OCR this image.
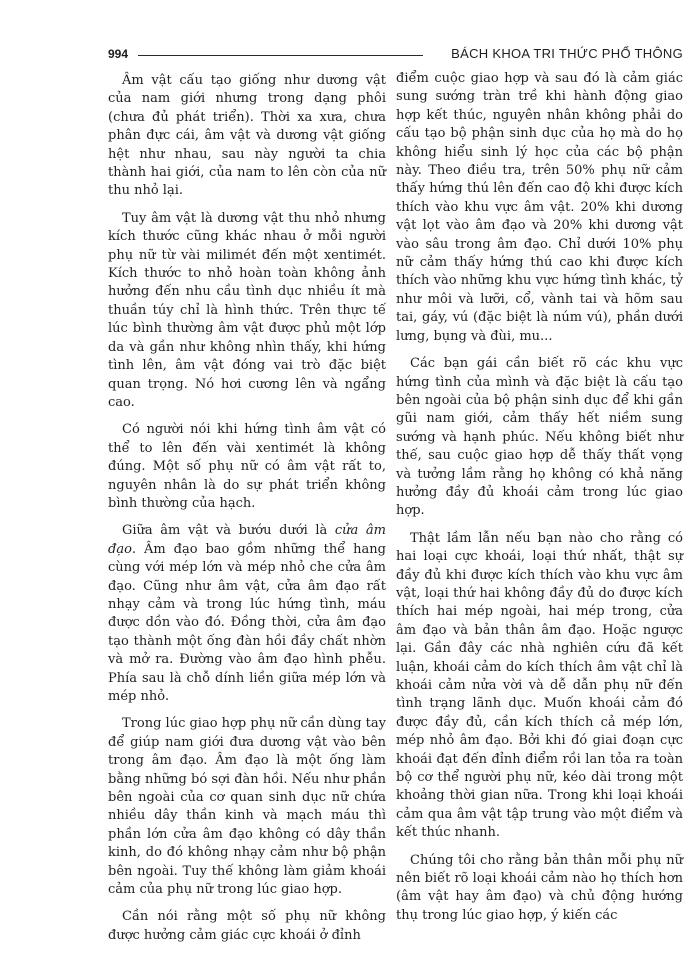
994	BÁCH KHOA TRI THỨC PHỔ THÔNG

Âm vật cấu tạo giống như dương vật của nam giới nhưng trong dạng phôi (chưa đủ phát triển). Thời xa xưa, chưa phân đực cái, âm vật và dương vật giống hệt như nhau, sau này người ta chia thành hai giới, của nam to lên còn của nữ thu nhỏ lại.

Tuy âm vật là dương vật thu nhỏ nhưng kích thước cũng khác nhau ở mỗi người phụ nữ từ vài milimét đến một xentimét. Kích thước to nhỏ hoàn toàn không ảnh hưởng đến nhu cầu tình dục nhiều ít mà thuần túy chỉ là hình thức. Trên thực tế lúc bình thường âm vật được phủ một lớp da và gần như không nhìn thấy, khi hứng tình lên, âm vật đóng vai trò đặc biệt quan trọng. Nó hơi cương lên và ngẩng cao.

Có người nói khi hứng tình âm vật có thể to lên đến vài xentimét là không đúng. Một số phụ nữ có âm vật rất to, nguyên nhân là do sự phát triển không bình thường của hạch.

Giữa âm vật và bướu dưới là cửa âm đạo. Âm đạo bao gồm những thể hang cùng với mép lớn và mép nhỏ che cửa âm đạo. Cũng như âm vật, cửa âm đạo rất nhạy cảm và trong lúc hứng tình, máu được dồn vào đó. Đồng thời, cửa âm đạo tạo thành một ống đàn hồi đầy chất nhờn và mở ra. Đường vào âm đạo hình phễu. Phía sau là chỗ dính liền giữa mép lớn và mép nhỏ.

Trong lúc giao hợp phụ nữ cần dùng tay để giúp nam giới đưa dương vật vào bên trong âm đạo. Âm đạo là một ống làm bằng những bó sợi đàn hồi. Nếu như phần bên ngoài của cơ quan sinh dục nữ chứa nhiều dây thần kinh và mạch máu thì phần lớn cửa âm đạo không có dây thần kinh, do đó không nhạy cảm như bộ phận bên ngoài. Tuy thế không làm giảm khoái cảm của phụ nữ trong lúc giao hợp.

Cần nói rằng một số phụ nữ không được hưởng cảm giác cực khoái ở đỉnh

điểm cuộc giao hợp và sau đó là cảm giác sung sướng tràn trề khi hành động giao hợp kết thúc, nguyên nhân không phải do cấu tạo bộ phận sinh dục của họ mà do họ không hiểu sinh lý học của các bộ phận này. Theo điều tra, trên 50% phụ nữ cảm thấy hứng thú lên đến cao độ khi được kích thích vào khu vực âm vật. 20% khi dương vật lọt vào âm đạo và 20% khi dương vật vào sâu trong âm đạo. Chỉ dưới 10% phụ nữ cảm thấy hứng thú cao khi được kích thích vào những khu vực hứng tình khác, tỷ như môi và lưỡi, cổ, vành tai và hõm sau tai, gáy, vú (đặc biệt là núm vú), phần dưới lưng, bụng và đùi, mu...

Các bạn gái cần biết rõ các khu vực hứng tình của mình và đặc biệt là cấu tạo bên ngoài của bộ phận sinh dục để khi gần gũi nam giới, cảm thấy hết niềm sung sướng và hạnh phúc. Nếu không biết như thế, sau cuộc giao hợp dễ thấy thất vọng và tưởng lầm rằng họ không có khả năng hưởng đầy đủ khoái cảm trong lúc giao hợp.

Thật lầm lẫn nếu bạn nào cho rằng có hai loại cực khoái, loại thứ nhất, thật sự đầy đủ khi được kích thích vào khu vực âm vật, loại thứ hai không đầy đủ do được kích thích hai mép ngoài, hai mép trong, cửa âm đạo và bản thân âm đạo. Hoặc ngược lại. Gần đây các nhà nghiên cứu đã kết luận, khoái cảm do kích thích âm vật chỉ là khoái cảm nửa vời và dễ dẫn phụ nữ đến tình trạng lãnh dục. Muốn khoái cảm đó được đầy đủ, cần kích thích cả mép lớn, mép nhỏ âm đạo. Bởi khi đó giai đoạn cực khoái đạt đến đỉnh điểm rồi lan tỏa ra toàn bộ cơ thể người phụ nữ, kéo dài trong một khoảng thời gian nữa. Trong khi loại khoái cảm qua âm vật tập trung vào một điểm và kết thúc nhanh.

Chúng tôi cho rằng bản thân mỗi phụ nữ nên biết rõ loại khoái cảm nào họ thích hơn (âm vật hay âm đạo) và chủ động hướng thụ trong lúc giao hợp, ý kiến các
